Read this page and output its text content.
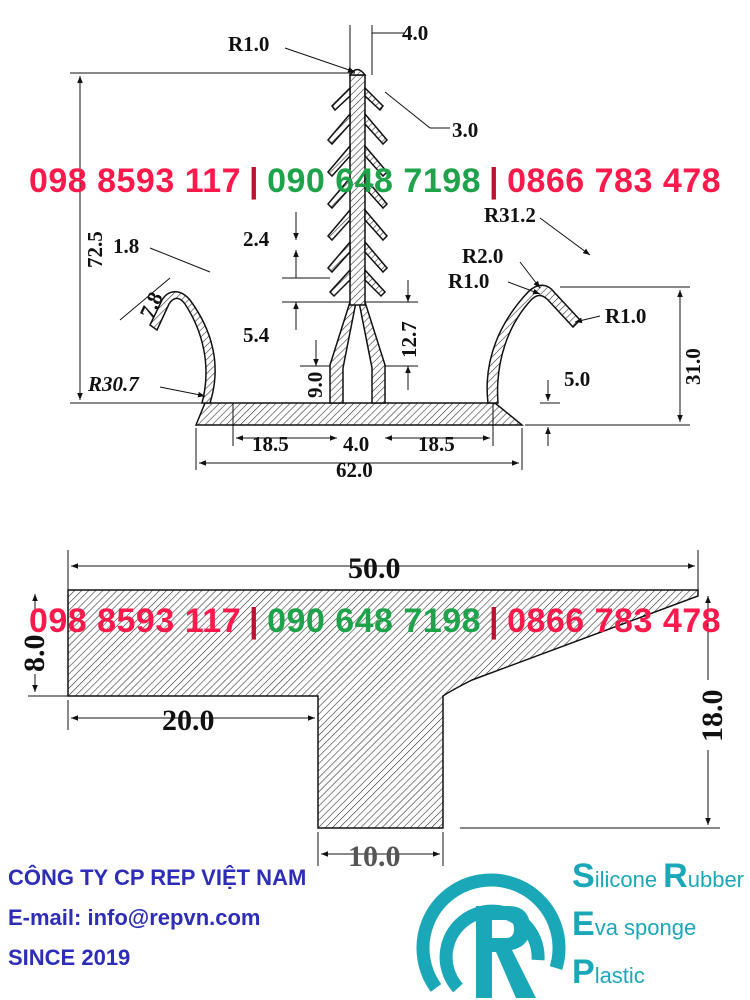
R1.0	4.0
3.0
72.5	2.4
1.8
7.8
5.4	12.7
9.0
R30.7
R31.2
R2.0
R1.0
R1.0
31.0
5.0
18.5	4.0 18.5
62.0
50.0
8.0
20.0	18.0
10.0
098 8593 117 | 090 648 7198 | 0866 783 478
098 8593 117 | 090 648 7198 | 0866 783 478
CÔNG TY CP REP VIỆT NAM
E-mail: info@repvn.com
SINCE 2019
Silicone Rubber
Eva sponge
Plastic
